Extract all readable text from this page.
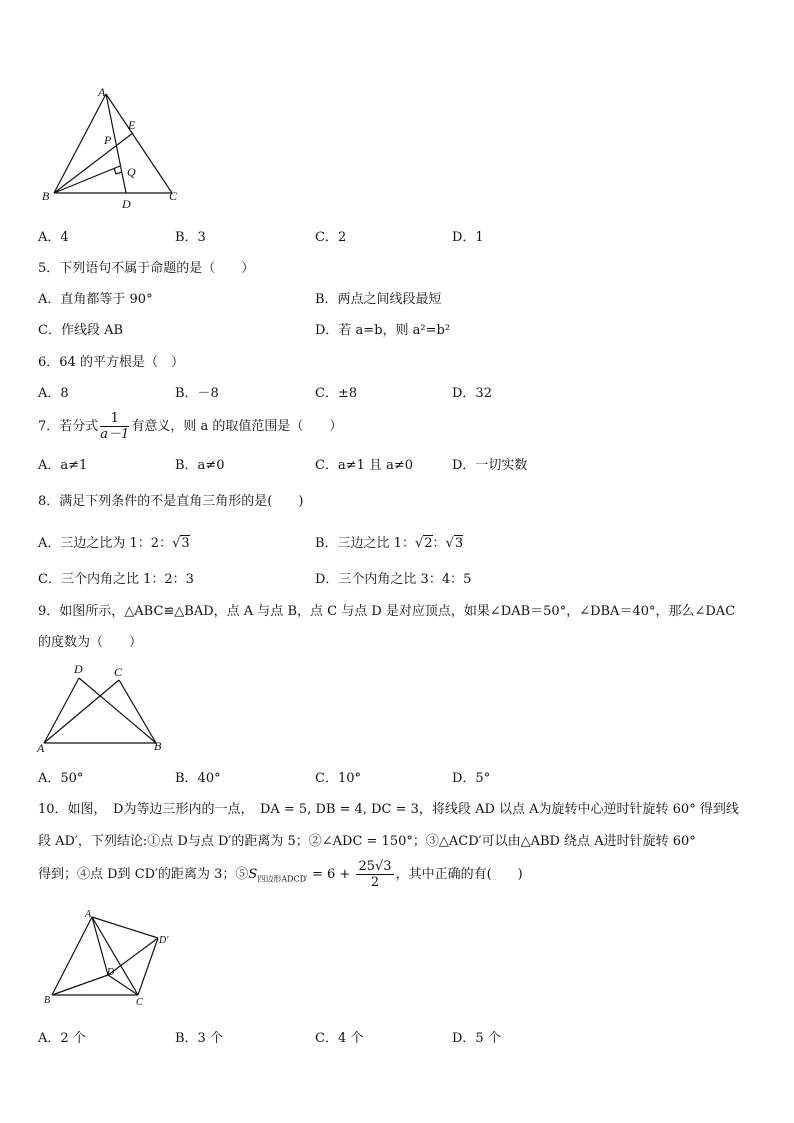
A
P
E
Q
B
D
C
A．4	B．3	C．2	D．1
5．下列语句不属于命题的是（　　）
A．直角都等于 90°	B．两点之间线段最短
C．作线段 AB	D．若 a=b，则 a²=b²
6．64 的平方根是（　）
A．8	B．－8	C．±8	D．32
7．若分式 $\frac{1}{a-1}$ 有意义，则 a 的取值范围是（　　）
A．a≠1	B．a≠0	C．a≠1 且 a≠0	D．一切实数
8．满足下列条件的不是直角三角形的是(　　)
A．三边之比为 1：2：√3	B．三边之比 1：√2：√3
C．三个内角之比 1：2：3	D．三个内角之比 3：4：5
9．如图所示，△ABC≌△BAD，点 A 与点 B，点 C 与点 D 是对应顶点，如果∠DAB＝50°，∠DBA＝40°，那么∠DAC
的度数为（　　）
D	C
A	B
A．50°	B．40°	C．10°	D．5°
10．如图，　D为等边三形内的一点，　DA = 5, DB = 4, DC = 3，将线段 AD 以点 A为旋转中心逆时针旋转 60° 得到线
段 AD′，下列结论:①点 D与点 D′的距离为 5；②∠ADC = 150°；③△ACD′可以由△ABD 绕点 A进时针旋转 60°
得到；④点 D到 CD′的距离为 3；$⑤S_{四边形ADCD'} = 6 + \frac{25√3}{2}$ ，其中正确的有(　　)
A
D′
D
B	C
A．2 个	B．3 个	C．4 个	D．5 个
